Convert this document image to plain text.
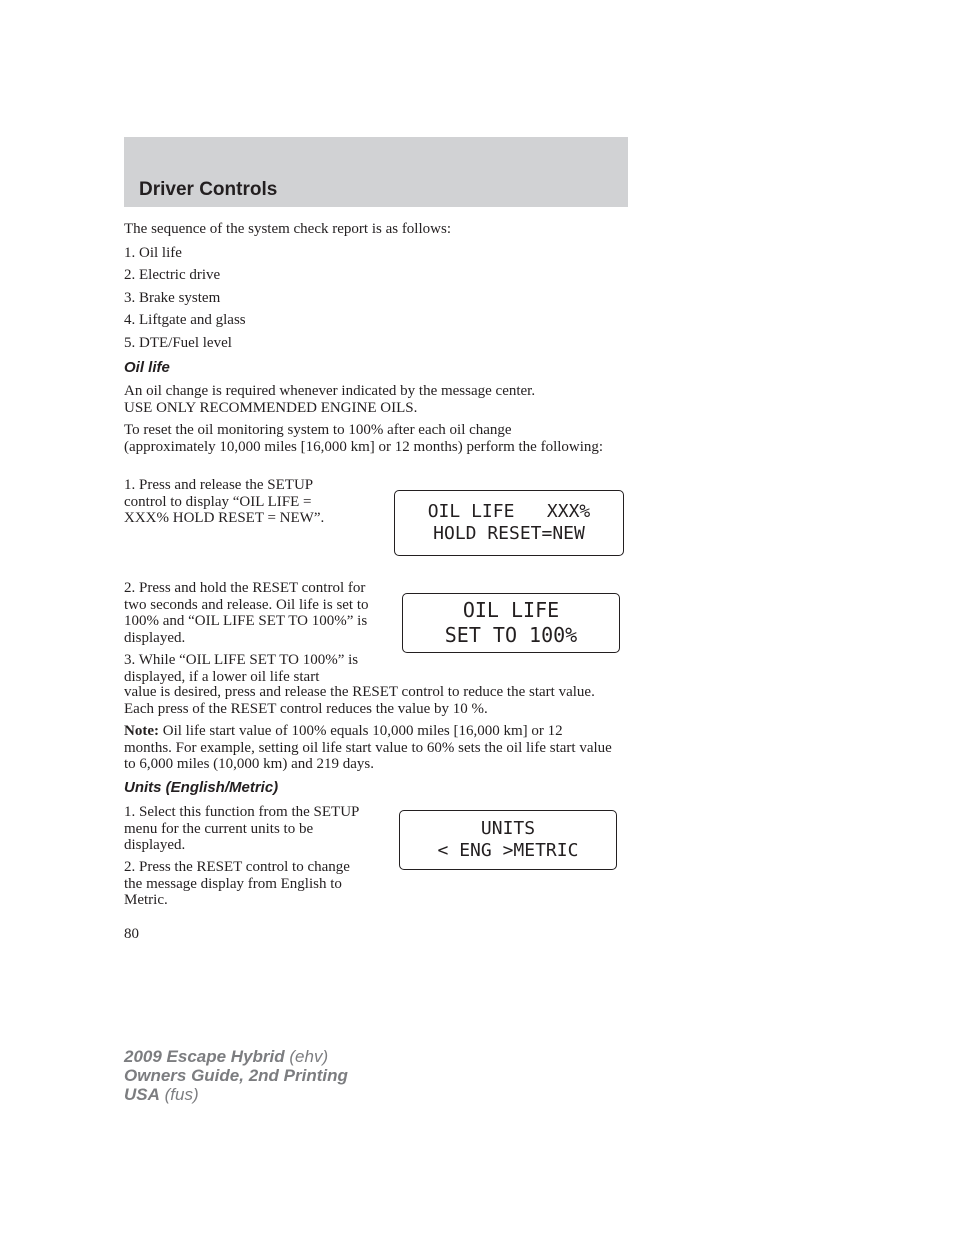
Driver Controls

The sequence of the system check report is as follows:

1. Oil life

2. Electric drive

3. Brake system

4. Liftgate and glass

5. DTE/Fuel level

Oil life

An oil change is required whenever indicated by the message center.

USE ONLY RECOMMENDED ENGINE OILS.

To reset the oil monitoring system to 100% after each oil change (approximately 10,000 miles [16,000 km] or 12 months) perform the following:

1. Press and release the SETUP control to display “OIL LIFE = XXX% HOLD RESET = NEW”.

2. Press and hold the RESET control for two seconds and release. Oil life is set to 100% and “OIL LIFE SET TO 100%” is displayed.

3. While “OIL LIFE SET TO 100%” is displayed, if a lower oil life start

value is desired, press and release the RESET control to reduce the start value. Each press of the RESET control reduces the value by 10 %.

Note: Oil life start value of 100% equals 10,000 miles [16,000 km] or 12 months. For example, setting oil life start value to 60% sets the oil life start value to 6,000 miles (10,000 km) and 219 days.

Units (English/Metric)

1. Select this function from the SETUP menu for the current units to be displayed.

2. Press the RESET control to change the message display from English to Metric.

OIL LIFE   XXX%
HOLD RESET=NEW
OIL LIFE
SET TO 100%
UNITS
< ENG >METRIC
80
2009 Escape Hybrid (ehv)
Owners Guide, 2nd Printing
USA (fus)
